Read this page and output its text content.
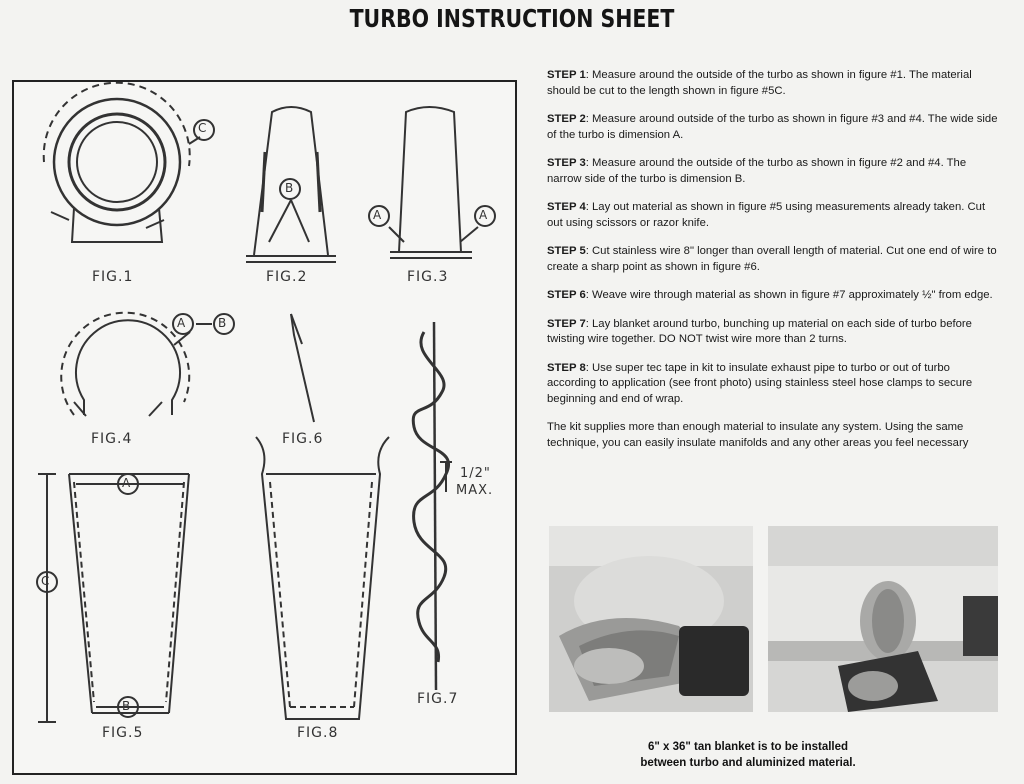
TURBO INSTRUCTION SHEET
C
B
A	A
A	B
A
C
B
FIG.1	FIG.2	FIG.3
FIG.4	FIG.6
FIG.5	FIG.8
FIG.7
1/2"
MAX.

STEP 1: Measure around the outside of the turbo as shown in figure #1. The material should be cut to the length shown in figure #5C.

STEP 2: Measure around outside of the turbo as shown in figure #3 and #4. The wide side of the turbo is dimension A.

STEP 3: Measure around the outside of the turbo as shown in figure #2 and #4. The narrow side of the turbo is dimension B.

STEP 4: Lay out material as shown in figure #5 using measurements already taken. Cut out using scissors or razor knife.

STEP 5: Cut stainless wire 8" longer than overall length of material. Cut one end of wire to create a sharp point as shown in figure #6.

STEP 6: Weave wire through material as shown in figure #7 approximately ½" from edge.

STEP 7: Lay blanket around turbo, bunching up material on each side of turbo before twisting wire together. DO NOT twist wire more than 2 turns.

STEP 8: Use super tec tape in kit to insulate exhaust pipe to turbo or out of turbo according to application (see front photo) using stainless steel hose clamps to secure beginning and end of wrap.

The kit supplies more than enough material to insulate any system. Using the same technique, you can easily insulate manifolds and any other areas you feel necessary

6" x 36" tan blanket is to be installed
between turbo and aluminized material.
